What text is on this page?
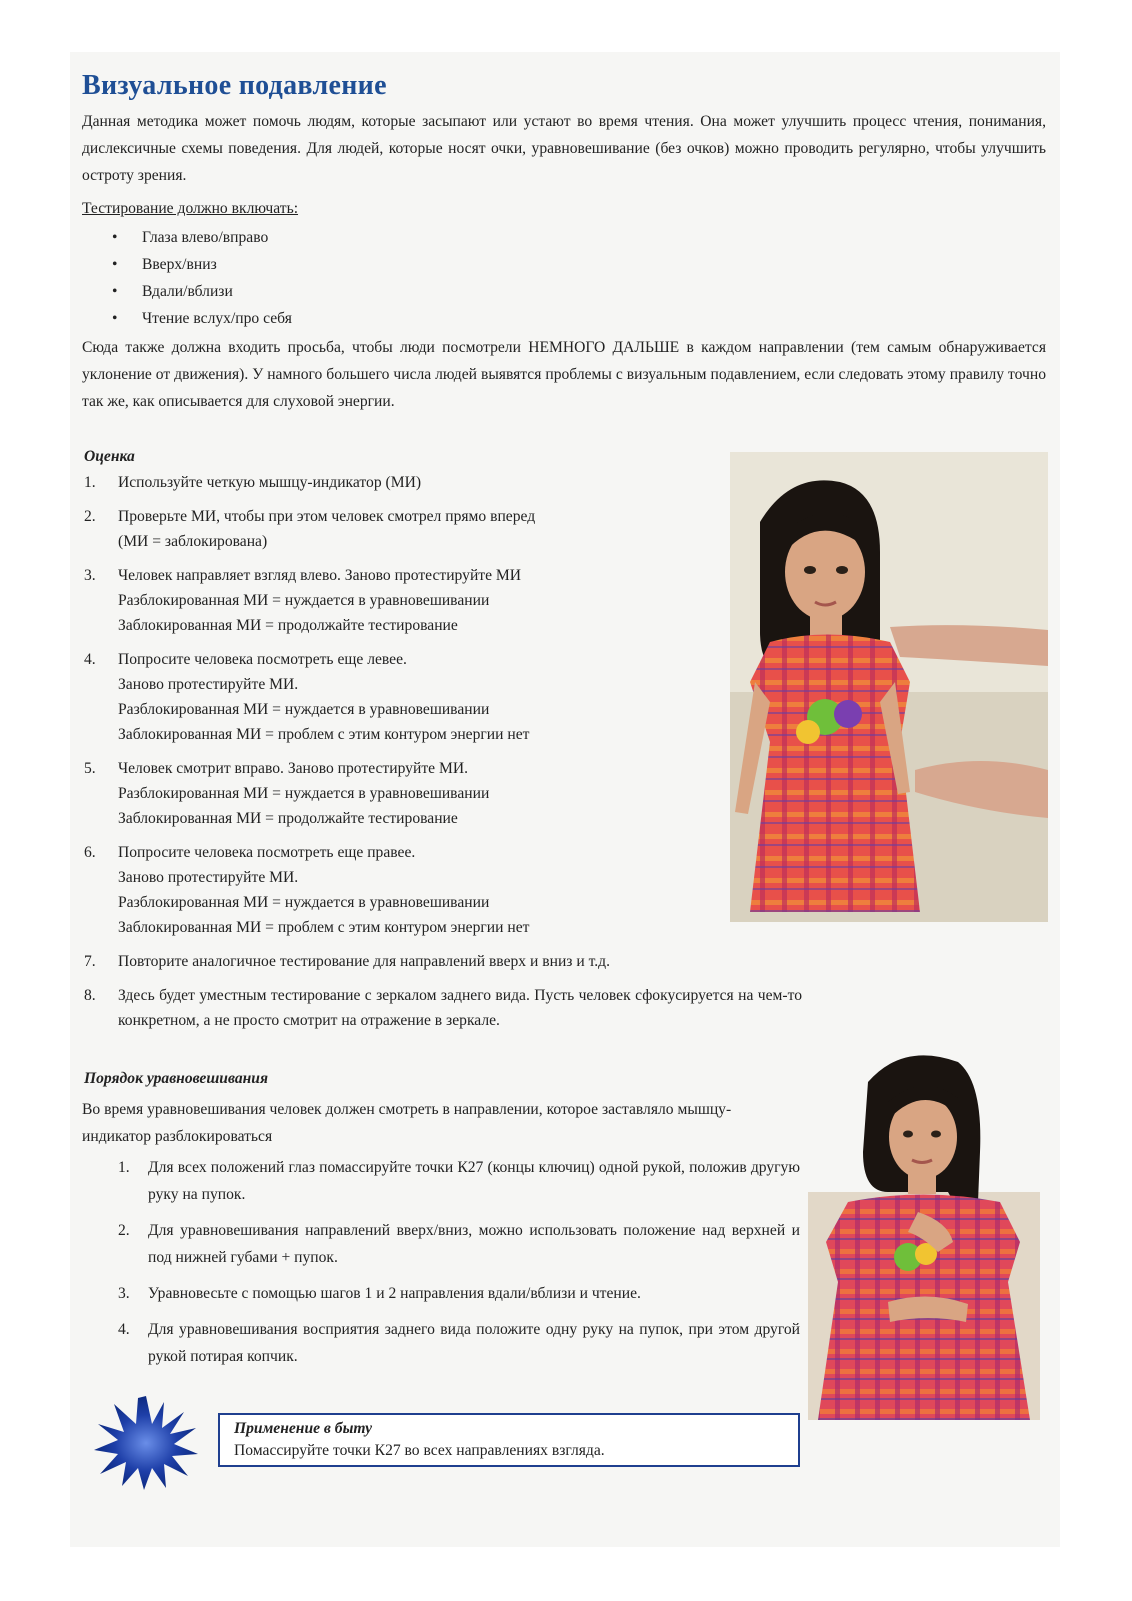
Визуальное подавление

Данная методика может помочь людям, которые засыпают или устают во время чтения. Она может улучшить процесс чтения, понимания, дислексичные схемы поведения. Для людей, которые носят очки, уравновешивание (без очков) можно проводить регулярно, чтобы улучшить остроту зрения.

Тестирование должно включать:
• Глаза влево/вправо
• Вверх/вниз
• Вдали/вблизи
• Чтение вслух/про себя

Сюда также должна входить просьба, чтобы люди посмотрели НЕМНОГО ДАЛЬШЕ в каждом направлении (тем самым обнаруживается уклонение от движения). У намного большего числа людей выявятся проблемы с визуальным подавлением, если следовать этому правилу точно так же, как описывается для слуховой энергии.

Оценка
1. Используйте четкую мышцу-индикатор (МИ)
2. Проверьте МИ, чтобы при этом человек смотрел прямо вперед
(МИ = заблокирована)
3. Человек направляет взгляд влево. Заново протестируйте МИ
Разблокированная МИ = нуждается в уравновешивании
Заблокированная МИ = продолжайте тестирование
4. Попросите человека посмотреть еще левее.
Заново протестируйте МИ.
Разблокированная МИ = нуждается в уравновешивании
Заблокированная МИ = проблем с этим контуром энергии нет
5. Человек смотрит вправо. Заново протестируйте МИ.
Разблокированная МИ = нуждается в уравновешивании
Заблокированная МИ = продолжайте тестирование
6. Попросите человека посмотреть еще правее.
Заново протестируйте МИ.
Разблокированная МИ = нуждается в уравновешивании
Заблокированная МИ = проблем с этим контуром энергии нет
7. Повторите аналогичное тестирование для направлений вверх и вниз и т.д.
8. Здесь будет уместным тестирование с зеркалом заднего вида. Пусть человек сфокусируется на чем-то конкретном, а не просто смотрит на отражение в зеркале.
Порядок уравновешивания

Во время уравновешивания человек должен смотреть в направлении, которое заставляло мышцу-индикатор разблокироваться

1. Для всех положений глаз помассируйте точки К27 (концы ключиц) одной рукой, положив другую руку на пупок.
2. Для уравновешивания направлений вверх/вниз, можно использовать положение над верхней и под нижней губами + пупок.
3. Уравновесьте с помощью шагов 1 и 2 направления вдали/вблизи и чтение.
4. Для уравновешивания восприятия заднего вида положите одну руку на пупок, при этом другой рукой потирая копчик.
Применение в быту
Помассируйте точки К27 во всех направлениях взгляда.
